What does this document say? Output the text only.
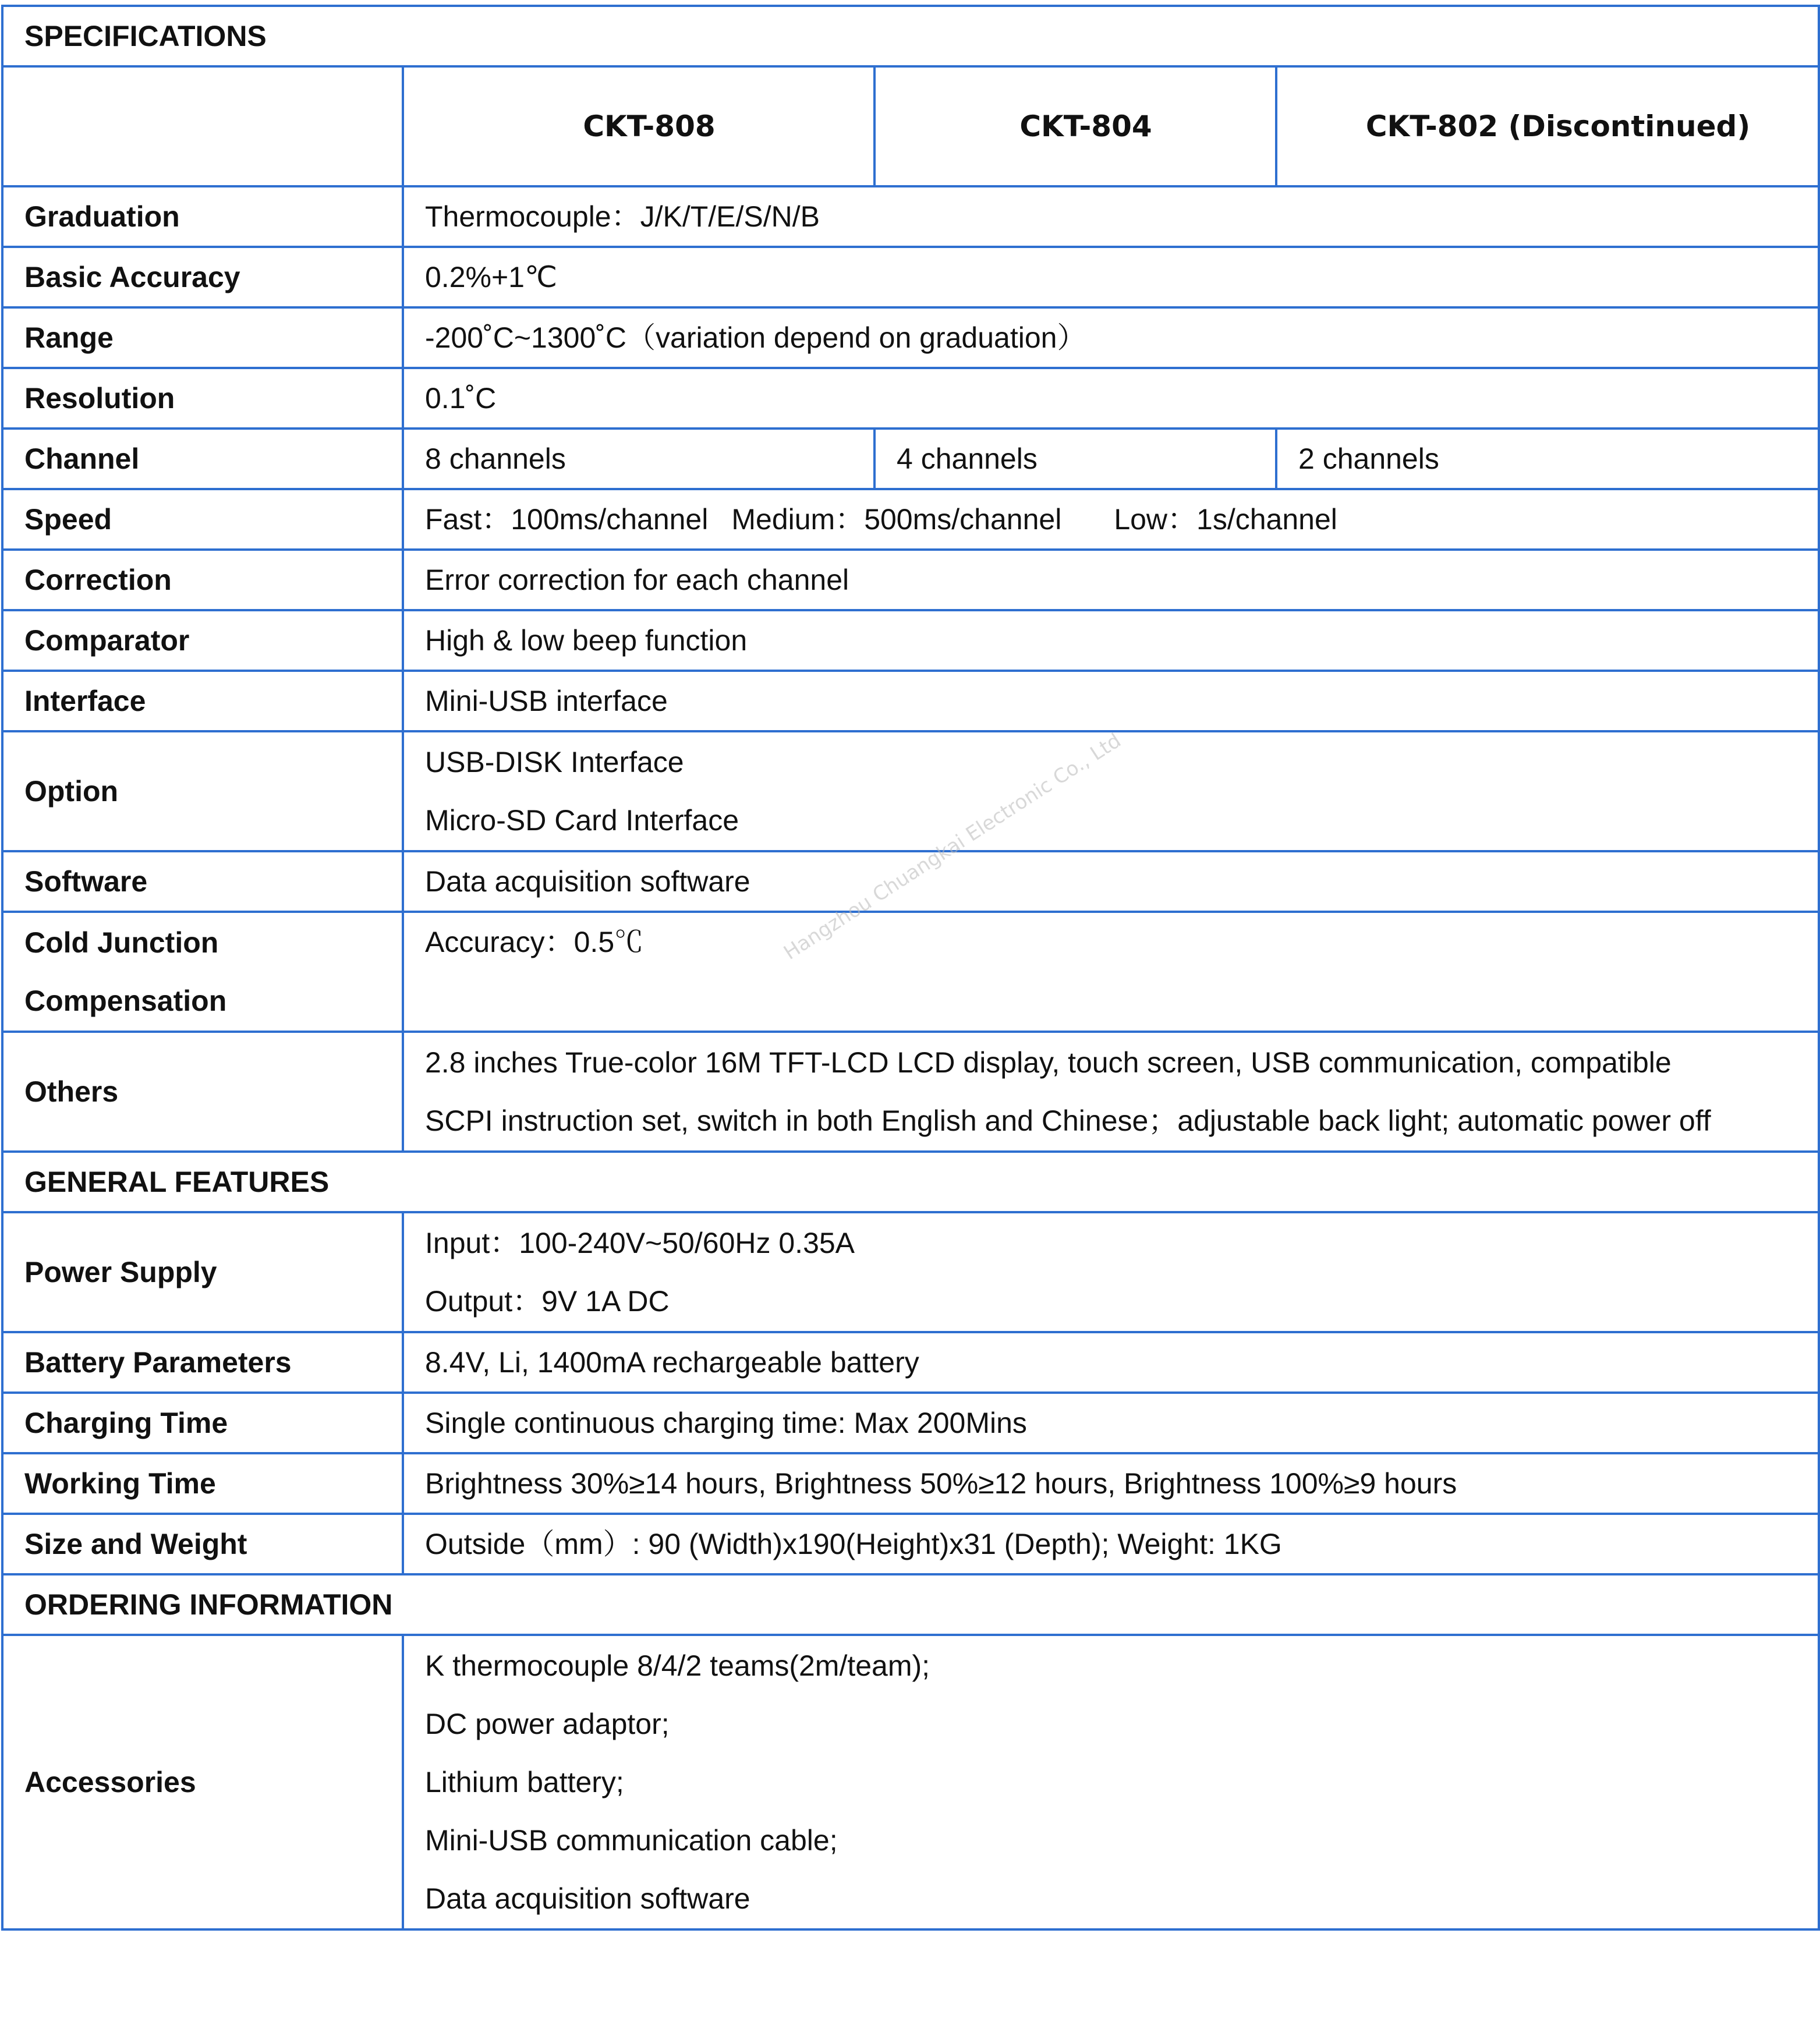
SPECIFICATIONS			
	CKT-808	CKT-804	CKT-802 (Discontinued)
Graduation	Thermocouple：J/K/T/E/S/N/B		
Basic Accuracy	0.2%+1℃		
Range	-200˚C~1300˚C（variation depend on graduation）		
Resolution	0.1˚C		
Channel	8 channels	4 channels	2 channels
Speed	Fast：100ms/channel Medium：500ms/channel Low：1s/channel		
Correction	Error correction for each channel		
Comparator	High & low beep function		
Interface	Mini-USB interface		
Option	USB-DISK Interface
Micro-SD Card Interface		

Software	Data acquisition software		

Cold Junction
Compensation	Accuracy：0.5℃		

Others	2.8 inches True-color 16M TFT-LCD LCD display, touch screen, USB communication, compatible
SCPI instruction set, switch in both English and Chinese；adjustable back light; automatic power off		

GENERAL FEATURES			
Power Supply	Input：100-240V~50/60Hz 0.35A
Output：9V 1A DC		

Battery Parameters	8.4V, Li, 1400mA rechargeable battery		
Charging Time	Single continuous charging time: Max 200Mins		
Working Time	Brightness 30%≥14 hours, Brightness 50%≥12 hours, Brightness 100%≥9 hours		
Size and Weight	Outside（mm）: 90 (Width)x190(Height)x31 (Depth); Weight: 1KG		
ORDERING INFORMATION			
Accessories	K thermocouple 8/4/2 teams(2m/team);
DC power adaptor;
Lithium battery;
Mini-USB communication cable;
Data acquisition software		
Hangzhou Chuangkai Electronic Co., Ltd
